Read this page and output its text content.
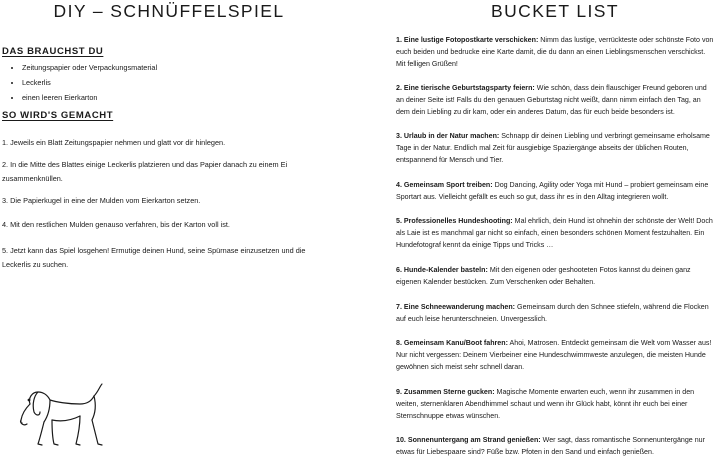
DIY – SCHNÜFFELSPIEL
DAS BRAUCHST DU
• Zeitungspapier oder Verpackungsmaterial
• Leckerlis
• einen leeren Eierkarton
SO WIRD'S GEMACHT

1. Jeweils ein Blatt Zeitungspapier nehmen und glatt vor dir hinlegen.

2. In die Mitte des Blattes einige Leckerlis platzieren und das Papier danach zu einem Ei zusammenknüllen.

3. Die Papierkugel in eine der Mulden vom Eierkarton setzen.

4. Mit den restlichen Mulden genauso verfahren, bis der Karton voll ist.

5. Jetzt kann das Spiel losgehen! Ermutige deinen Hund, seine Spürnase einzusetzen und die Leckerlis zu suchen.

BUCKET LIST

1. Eine lustige Fotopostkarte verschicken: Nimm das lustige, verrückteste oder schönste Foto von euch beiden und bedrucke eine Karte damit, die du dann an einen Lieblingsmenschen verschickst. Mit felligen Grüßen!

2. Eine tierische Geburtstagsparty feiern: Wie schön, dass dein flauschiger Freund geboren und an deiner Seite ist! Falls du den genauen Geburtstag nicht weißt, dann nimm einfach den Tag, an dem dein Liebling zu dir kam, oder ein anderes Datum, das für euch beide besonders ist.

3. Urlaub in der Natur machen: Schnapp dir deinen Liebling und verbringt gemeinsame erholsame Tage in der Natur. Endlich mal Zeit für ausgiebige Spaziergänge abseits der üblichen Routen, entspannend für Mensch und Tier.

4. Gemeinsam Sport treiben: Dog Dancing, Agility oder Yoga mit Hund – probiert gemeinsam eine Sportart aus. Vielleicht gefällt es euch so gut, dass ihr es in den Alltag integrieren wollt.

5. Professionelles Hundeshooting: Mal ehrlich, dein Hund ist ohnehin der schönste der Welt! Doch als Laie ist es manchmal gar nicht so einfach, einen besonders schönen Moment festzuhalten. Ein Hundefotograf kennt da einige Tipps und Tricks …

6. Hunde-Kalender basteln: Mit den eigenen oder geshooteten Fotos kannst du deinen ganz eigenen Kalender bestücken. Zum Verschenken oder Behalten.

7. Eine Schneewanderung machen: Gemeinsam durch den Schnee stiefeln, während die Flocken auf euch leise herunterschneien. Unvergesslich.

8. Gemeinsam Kanu/Boot fahren: Ahoi, Matrosen. Entdeckt gemeinsam die Welt vom Wasser aus! Nur nicht vergessen: Deinem Vierbeiner eine Hundeschwimmweste anzulegen, die meisten Hunde gewöhnen sich meist sehr schnell daran.

9. Zusammen Sterne gucken: Magische Momente erwarten euch, wenn ihr zusammen in den weiten, sternenklaren Abendhimmel schaut und wenn ihr Glück habt, könnt ihr euch bei einer Sternschnuppe etwas wünschen.

10. Sonnenuntergang am Strand genießen: Wer sagt, dass romantische Sonnenuntergänge nur etwas für Liebespaare sind? Füße bzw. Pfoten in den Sand und einfach genießen.
